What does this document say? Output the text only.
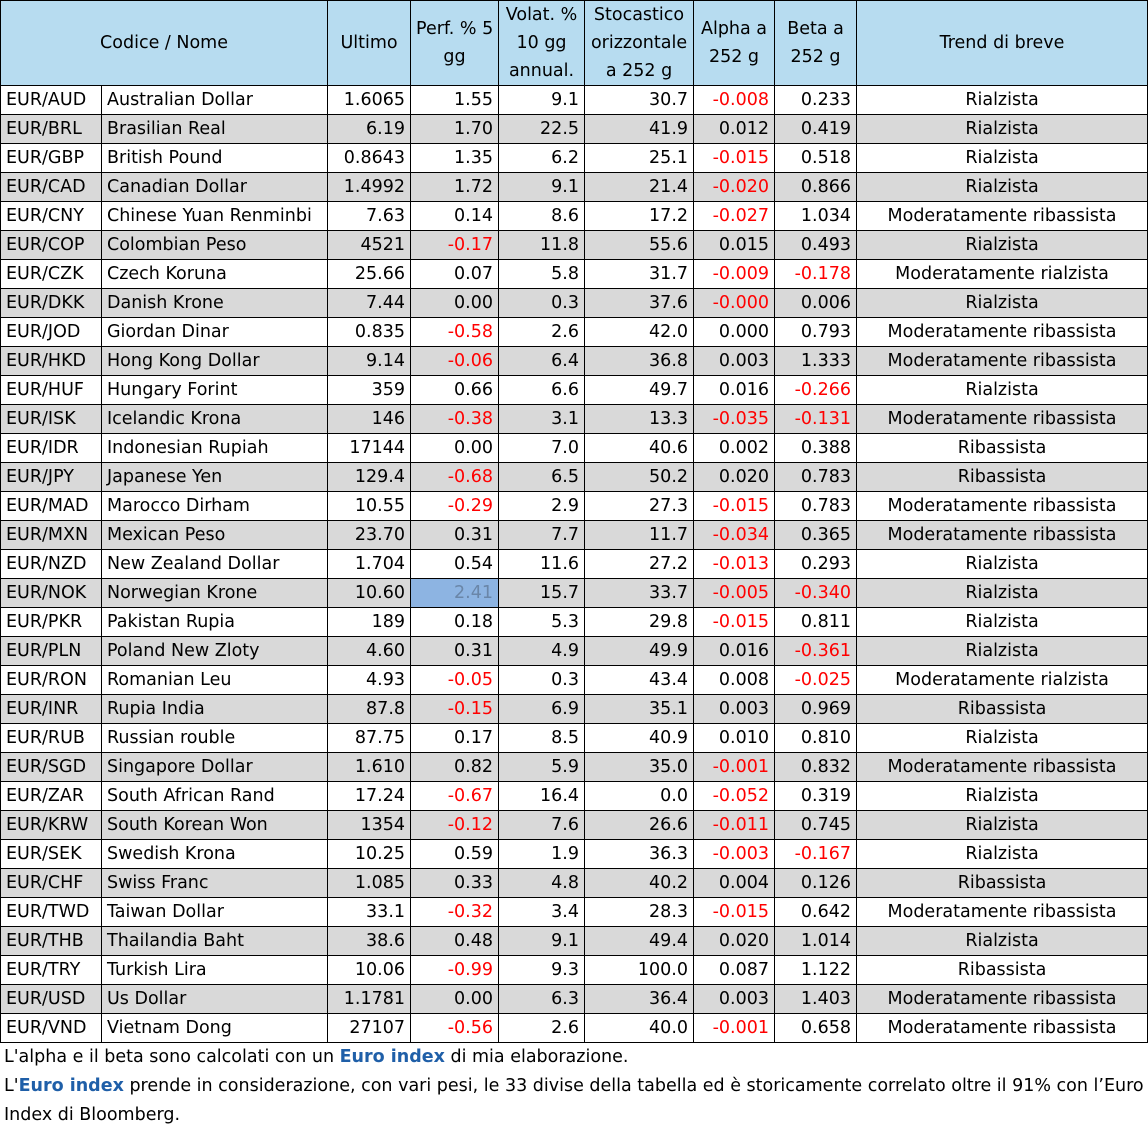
Codice / Nome		Ultimo	Perf. % 5
gg	Volat. %
10 gg
annual.	Stocastico
orizzontale
a 252 g	Alpha a
252 g	Beta a
252 g	Trend di breve
EUR/AUD	Australian Dollar	1.6065	1.55	9.1	30.7	-0.008	0.233	Rialzista
EUR/BRL	Brasilian Real	6.19	1.70	22.5	41.9	0.012	0.419	Rialzista
EUR/GBP	British Pound	0.8643	1.35	6.2	25.1	-0.015	0.518	Rialzista
EUR/CAD	Canadian Dollar	1.4992	1.72	9.1	21.4	-0.020	0.866	Rialzista
EUR/CNY	Chinese Yuan Renminbi	7.63	0.14	8.6	17.2	-0.027	1.034	Moderatamente ribassista
EUR/COP	Colombian Peso	4521	-0.17	11.8	55.6	0.015	0.493	Rialzista
EUR/CZK	Czech Koruna	25.66	0.07	5.8	31.7	-0.009	-0.178	Moderatamente rialzista
EUR/DKK	Danish Krone	7.44	0.00	0.3	37.6	-0.000	0.006	Rialzista
EUR/JOD	Giordan Dinar	0.835	-0.58	2.6	42.0	0.000	0.793	Moderatamente ribassista
EUR/HKD	Hong Kong Dollar	9.14	-0.06	6.4	36.8	0.003	1.333	Moderatamente ribassista
EUR/HUF	Hungary Forint	359	0.66	6.6	49.7	0.016	-0.266	Rialzista
EUR/ISK	Icelandic Krona	146	-0.38	3.1	13.3	-0.035	-0.131	Moderatamente ribassista
EUR/IDR	Indonesian Rupiah	17144	0.00	7.0	40.6	0.002	0.388	Ribassista
EUR/JPY	Japanese Yen	129.4	-0.68	6.5	50.2	0.020	0.783	Ribassista
EUR/MAD	Marocco Dirham	10.55	-0.29	2.9	27.3	-0.015	0.783	Moderatamente ribassista
EUR/MXN	Mexican Peso	23.70	0.31	7.7	11.7	-0.034	0.365	Moderatamente ribassista
EUR/NZD	New Zealand Dollar	1.704	0.54	11.6	27.2	-0.013	0.293	Rialzista
EUR/NOK	Norwegian Krone	10.60	2.41	15.7	33.7	-0.005	-0.340	Rialzista
EUR/PKR	Pakistan Rupia	189	0.18	5.3	29.8	-0.015	0.811	Rialzista
EUR/PLN	Poland New Zloty	4.60	0.31	4.9	49.9	0.016	-0.361	Rialzista
EUR/RON	Romanian Leu	4.93	-0.05	0.3	43.4	0.008	-0.025	Moderatamente rialzista
EUR/INR	Rupia India	87.8	-0.15	6.9	35.1	0.003	0.969	Ribassista
EUR/RUB	Russian rouble	87.75	0.17	8.5	40.9	0.010	0.810	Rialzista
EUR/SGD	Singapore Dollar	1.610	0.82	5.9	35.0	-0.001	0.832	Moderatamente ribassista
EUR/ZAR	South African Rand	17.24	-0.67	16.4	0.0	-0.052	0.319	Rialzista
EUR/KRW	South Korean Won	1354	-0.12	7.6	26.6	-0.011	0.745	Rialzista
EUR/SEK	Swedish Krona	10.25	0.59	1.9	36.3	-0.003	-0.167	Rialzista
EUR/CHF	Swiss Franc	1.085	0.33	4.8	40.2	0.004	0.126	Ribassista
EUR/TWD	Taiwan Dollar	33.1	-0.32	3.4	28.3	-0.015	0.642	Moderatamente ribassista
EUR/THB	Thailandia Baht	38.6	0.48	9.1	49.4	0.020	1.014	Rialzista
EUR/TRY	Turkish Lira	10.06	-0.99	9.3	100.0	0.087	1.122	Ribassista
EUR/USD	Us Dollar	1.1781	0.00	6.3	36.4	0.003	1.403	Moderatamente ribassista
EUR/VND	Vietnam Dong	27107	-0.56	2.6	40.0	-0.001	0.658	Moderatamente ribassista
L'alpha e il beta sono calcolati con un Euro index di mia elaborazione.
L'Euro index prende in considerazione, con vari pesi, le 33 divise della tabella ed è storicamente correlato oltre il 91% con l’Euro Index di Bloomberg.
